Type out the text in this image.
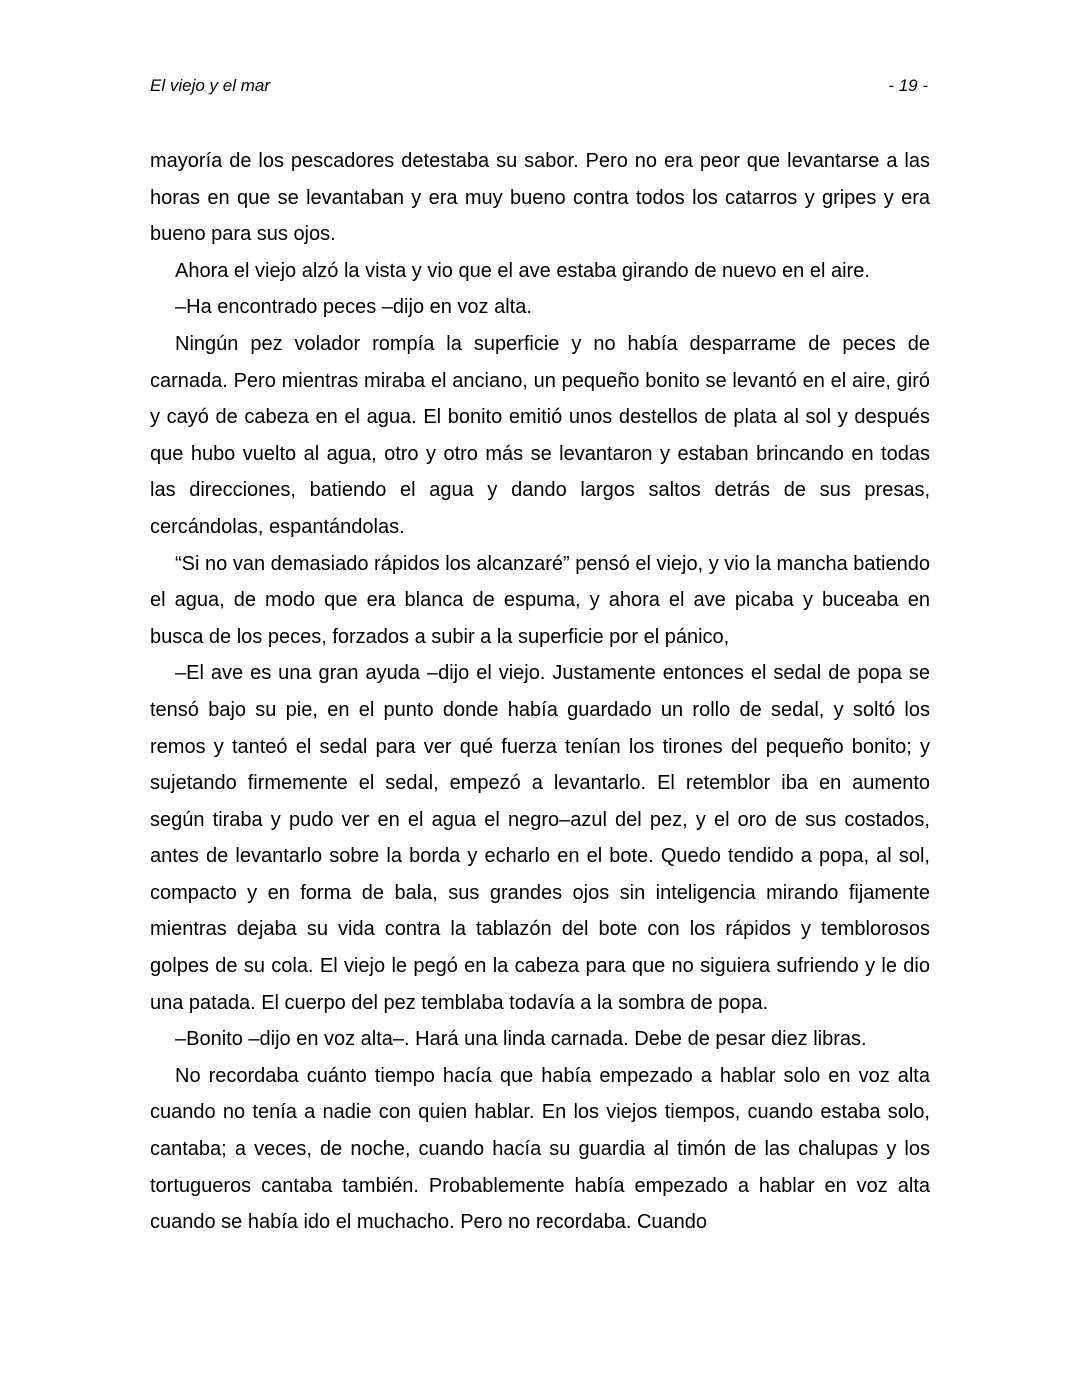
El viejo y el mar	- 19 -

mayoría de los pescadores detestaba su sabor. Pero no era peor que levantarse a las horas en que se levantaban y era muy bueno contra todos los catarros y gripes y era bueno para sus ojos.

Ahora el viejo alzó la vista y vio que el ave estaba girando de nuevo en el aire.

–Ha encontrado peces –dijo en voz alta.

Ningún pez volador rompía la superficie y no había desparrame de peces de carnada. Pero mientras miraba el anciano, un pequeño bonito se levantó en el aire, giró y cayó de cabeza en el agua. El bonito emitió unos destellos de plata al sol y después que hubo vuelto al agua, otro y otro más se levantaron y estaban brincando en todas las direcciones, batiendo el agua y dando largos saltos detrás de sus presas, cercándolas, espantándolas.

“Si no van demasiado rápidos los alcanzaré” pensó el viejo, y vio la mancha batiendo el agua, de modo que era blanca de espuma, y ahora el ave picaba y buceaba en busca de los peces, forzados a subir a la superficie por el pánico,

–El ave es una gran ayuda –dijo el viejo. Justamente entonces el sedal de popa se tensó bajo su pie, en el punto donde había guardado un rollo de sedal, y soltó los remos y tanteó el sedal para ver qué fuerza tenían los tirones del pequeño bonito; y sujetando firmemente el sedal, empezó a levantarlo. El retemblor iba en aumento según tiraba y pudo ver en el agua el negro–azul del pez, y el oro de sus costados, antes de levantarlo sobre la borda y echarlo en el bote. Quedo tendido a popa, al sol, compacto y en forma de bala, sus grandes ojos sin inteligencia mirando fijamente mientras dejaba su vida contra la tablazón del bote con los rápidos y temblorosos golpes de su cola. El viejo le pegó en la cabeza para que no siguiera sufriendo y le dio una patada. El cuerpo del pez temblaba todavía a la sombra de popa.

–Bonito –dijo en voz alta–. Hará una linda carnada. Debe de pesar diez libras.

No recordaba cuánto tiempo hacía que había empezado a hablar solo en voz alta cuando no tenía a nadie con quien hablar. En los viejos tiempos, cuando estaba solo, cantaba; a veces, de noche, cuando hacía su guardia al timón de las chalupas y los tortugueros cantaba también. Probablemente había empezado a hablar en voz alta cuando se había ido el muchacho. Pero no recordaba. Cuando
